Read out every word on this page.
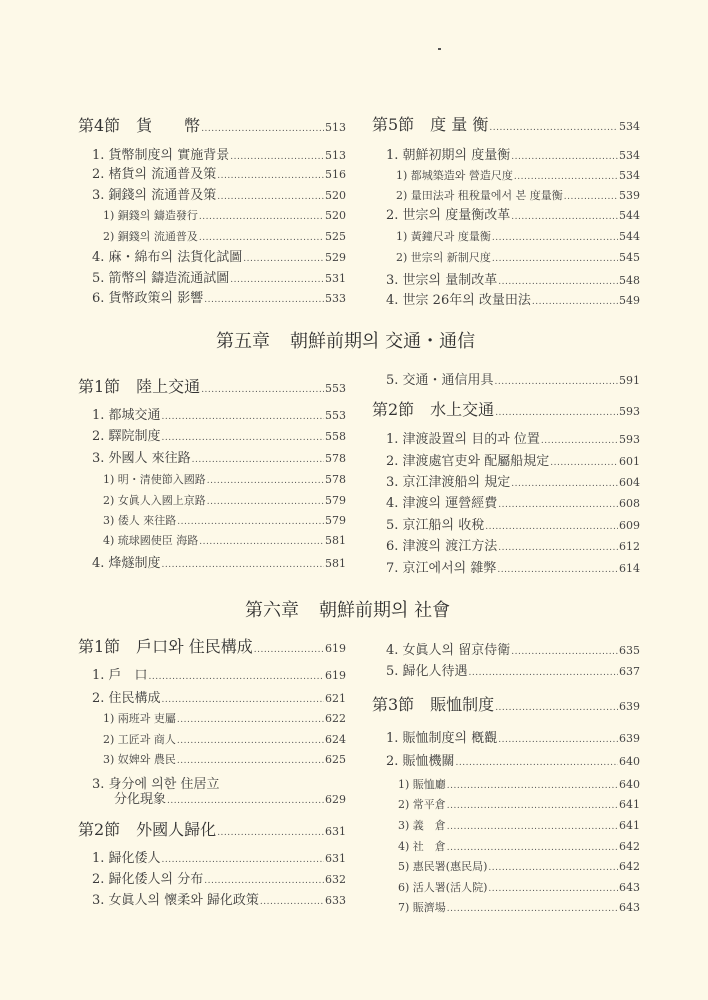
第4節　貨　　幣 .....	513
1. 貨幣制度의 實施背景 .....	513
2. 楮貨의 流通普及策 .....	516
3. 銅錢의 流通普及策 .....	520
1) 銅錢의 鑄造發行 .....	520
2) 銅錢의 流通普及 .....	525
4. 麻・綿布의 法貨化試圖 .....	529
5. 箭幣의 鑄造流通試圖 .....	531
6. 貨幣政策의 影響 .....	533
第5節　度 量 衡 .....	534
1. 朝鮮初期의 度量衡 .....	534
1) 都城築造와 營造尺度 .....	534
2) 量田法과 租稅量에서 본 度量衡 .....	539
2. 世宗의 度量衡改革 .....	544
1) 黃鐘尺과 度量衡 .....	544
2) 世宗의 新制尺度 .....	545
3. 世宗의 量制改革 .....	548
4. 世宗 26年의 改量田法 .....	549
第五章 朝鮮前期의 交通・通信
第1節　陸上交通 .....	553
1. 都城交通 .....	553
2. 驛院制度 .....	558
3. 外國人 來往路 .....	578
1) 明・清使節入國路 .....	578
2) 女眞人入國上京路 .....	579
3) 倭人 來往路 .....	579
4) 琉球國使臣 海路 .....	581
4. 烽燧制度 .....	581
5. 交通・通信用具 .....	591
第2節　水上交通 .....	593
1. 津渡設置의 目的과 位置 .....	593
2. 津渡處官吏와 配屬船規定 .....	601
3. 京江津渡船의 規定 .....	604
4. 津渡의 運營經費 .....	608
5. 京江船의 收稅 .....	609
6. 津渡의 渡江方法 .....	612
7. 京江에서의 雜弊 .....	614
第六章 朝鮮前期의 社會
第1節　戶口와 住民構成 .....	619
1. 戶　口 .....	619
2. 住民構成 .....	621
1) 兩班과 吏屬 .....	622
2) 工匠과 商人 .....	624
3) 奴婢와 農民 .....	625
3. 身分에 의한 住居立
分化現象 .....	629
第2節　外國人歸化 .....	631
1. 歸化倭人 .....	631
2. 歸化倭人의 分布 .....	632
3. 女眞人의 懷柔와 歸化政策 .....	633
4. 女眞人의 留京侍衛 .....	635
5. 歸化人待遇 .....	637
第3節　賑恤制度 .....	639
1. 賑恤制度의 槪觀 .....	639
2. 賑恤機關 .....	640
1) 賑恤廳 .....	640
2) 常平倉 .....	641
3) 義　倉 .....	641
4) 社　倉 .....	642
5) 惠民署(惠民局) .....	642
6) 活人署(活人院) .....	643
7) 賑濟場 .....	643
